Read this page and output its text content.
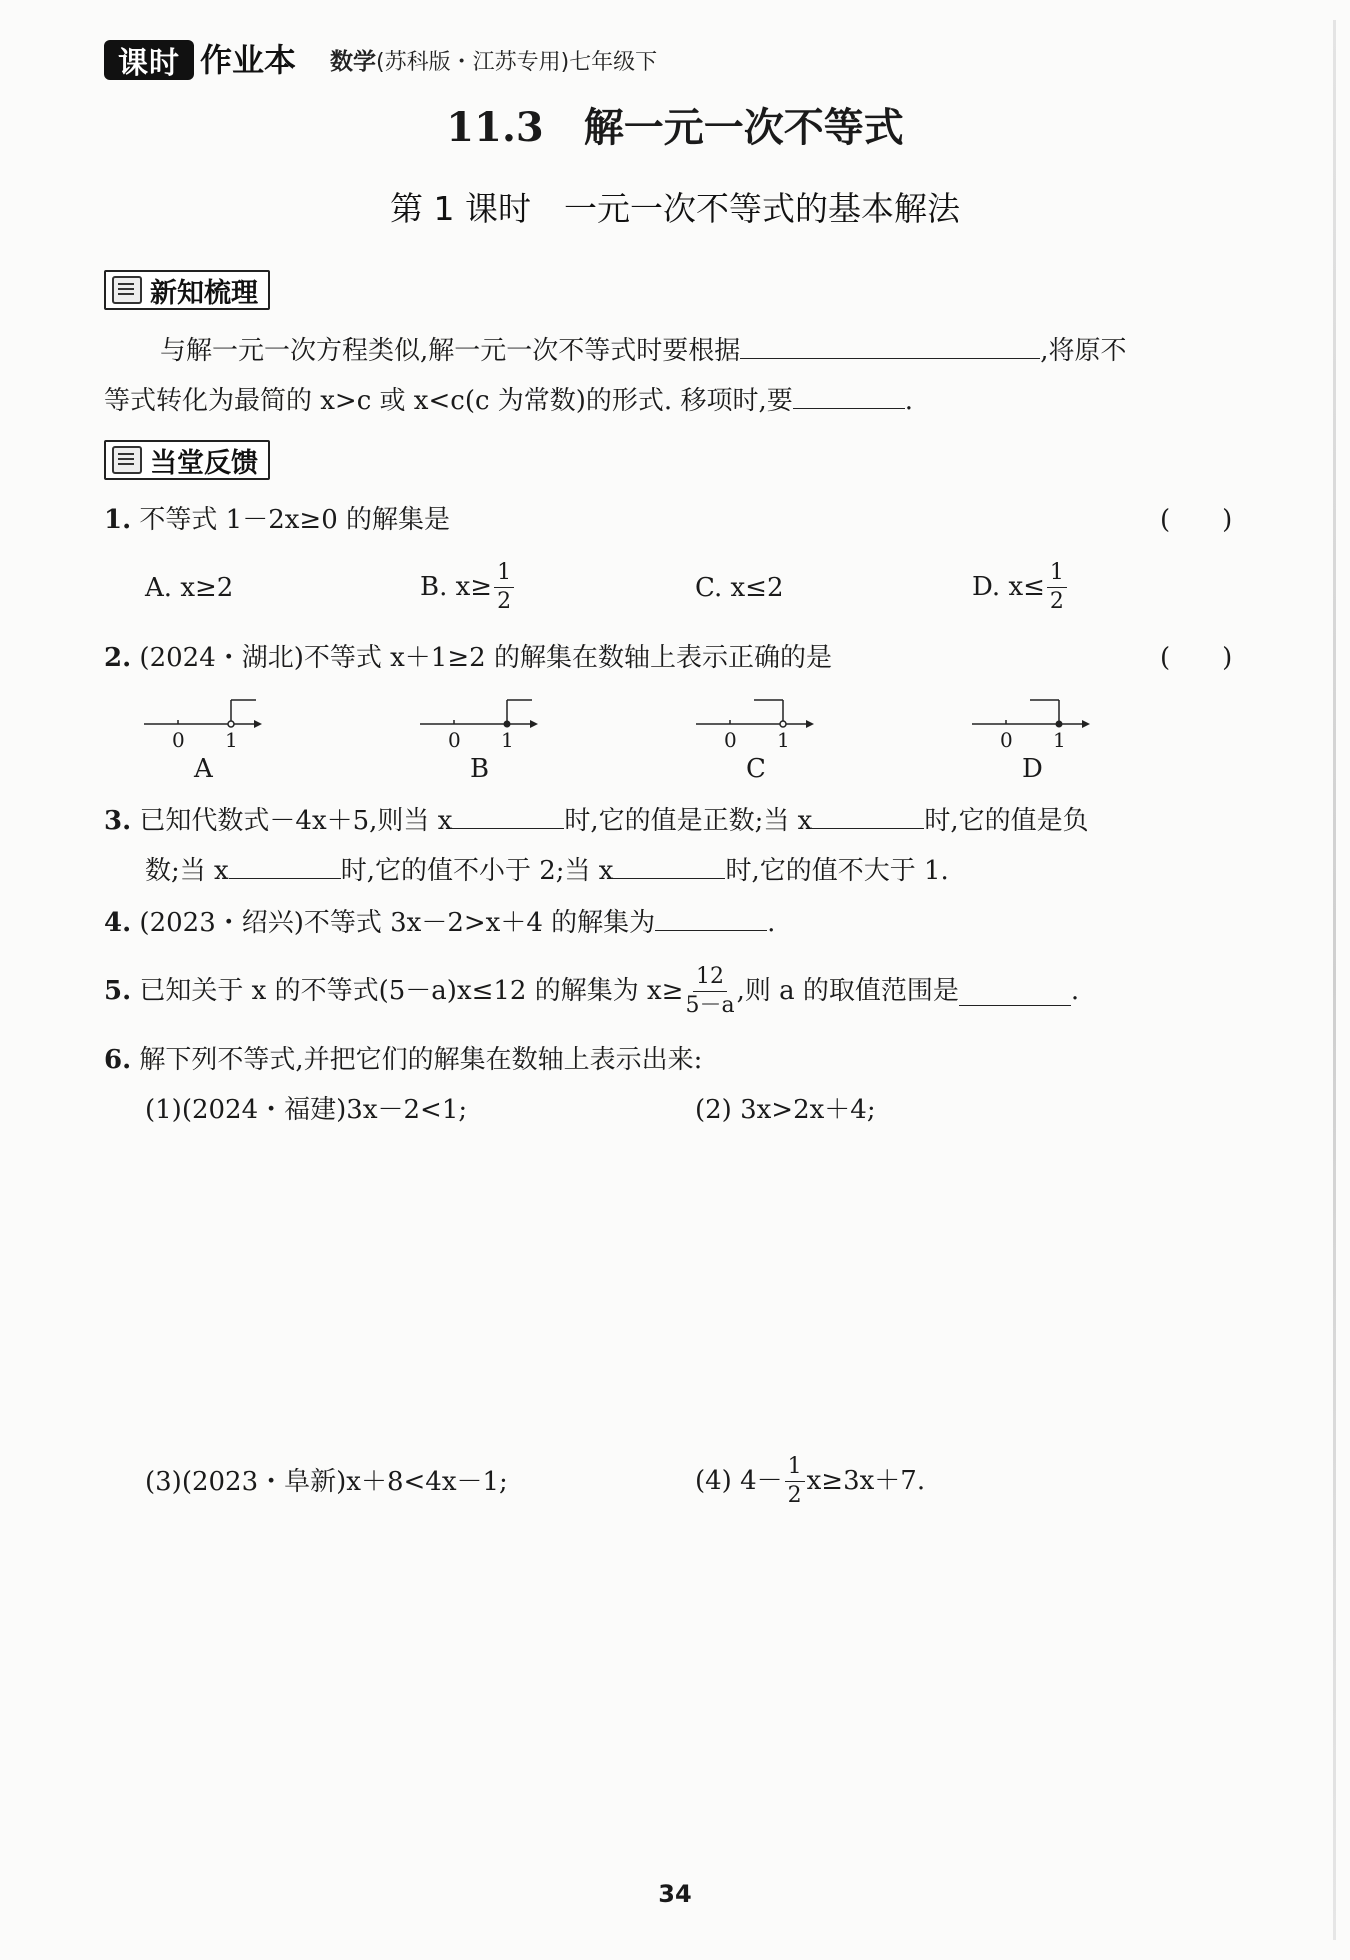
课时 作业本 数学(苏科版・江苏专用)七年级下
11.3　解一元一次不等式
第 1 课时　一元一次不等式的基本解法
新知梳理
与解一元一次方程类似,解一元一次不等式时要根据	,将原不
等式转化为最简的 x>c 或 x<c(c 为常数)的形式. 移项时,要	.
当堂反馈
1. 不等式 1－2x≥0 的解集是	(　　)
A. x≥2	B.
$x\ge \frac{1}{2}$	C. x≤2	D.
$x\le \frac{1}{2}$
2. (2024・湖北)不等式 x＋1≥2 的解集在数轴上表示正确的是	(　　)
0 1
A
0 1
B
0 1
C
0 1
D
3. 已知代数式－4x＋5,则当 x	时,它的值是正数;当 x	时,它的值是负
数;当 x	时,它的值不小于 2;当 x	时,它的值不大于 1.
4. (2023・绍兴)不等式 3x－2>x＋4 的解集为	.
5.
已知关于 x 的不等式(5－a)x≤12 的解集为 $x\ge \frac{12}{5-a}$ ,则 a 的取值范围是	.
6. 解下列不等式,并把它们的解集在数轴上表示出来:
(1)(2024・福建)3x－2<1;	(2) 3x>2x＋4;
(3)(2023・阜新)x＋8<4x－1;	(4) $4- \frac{1}{2} x\ge 3x+7$.
34
